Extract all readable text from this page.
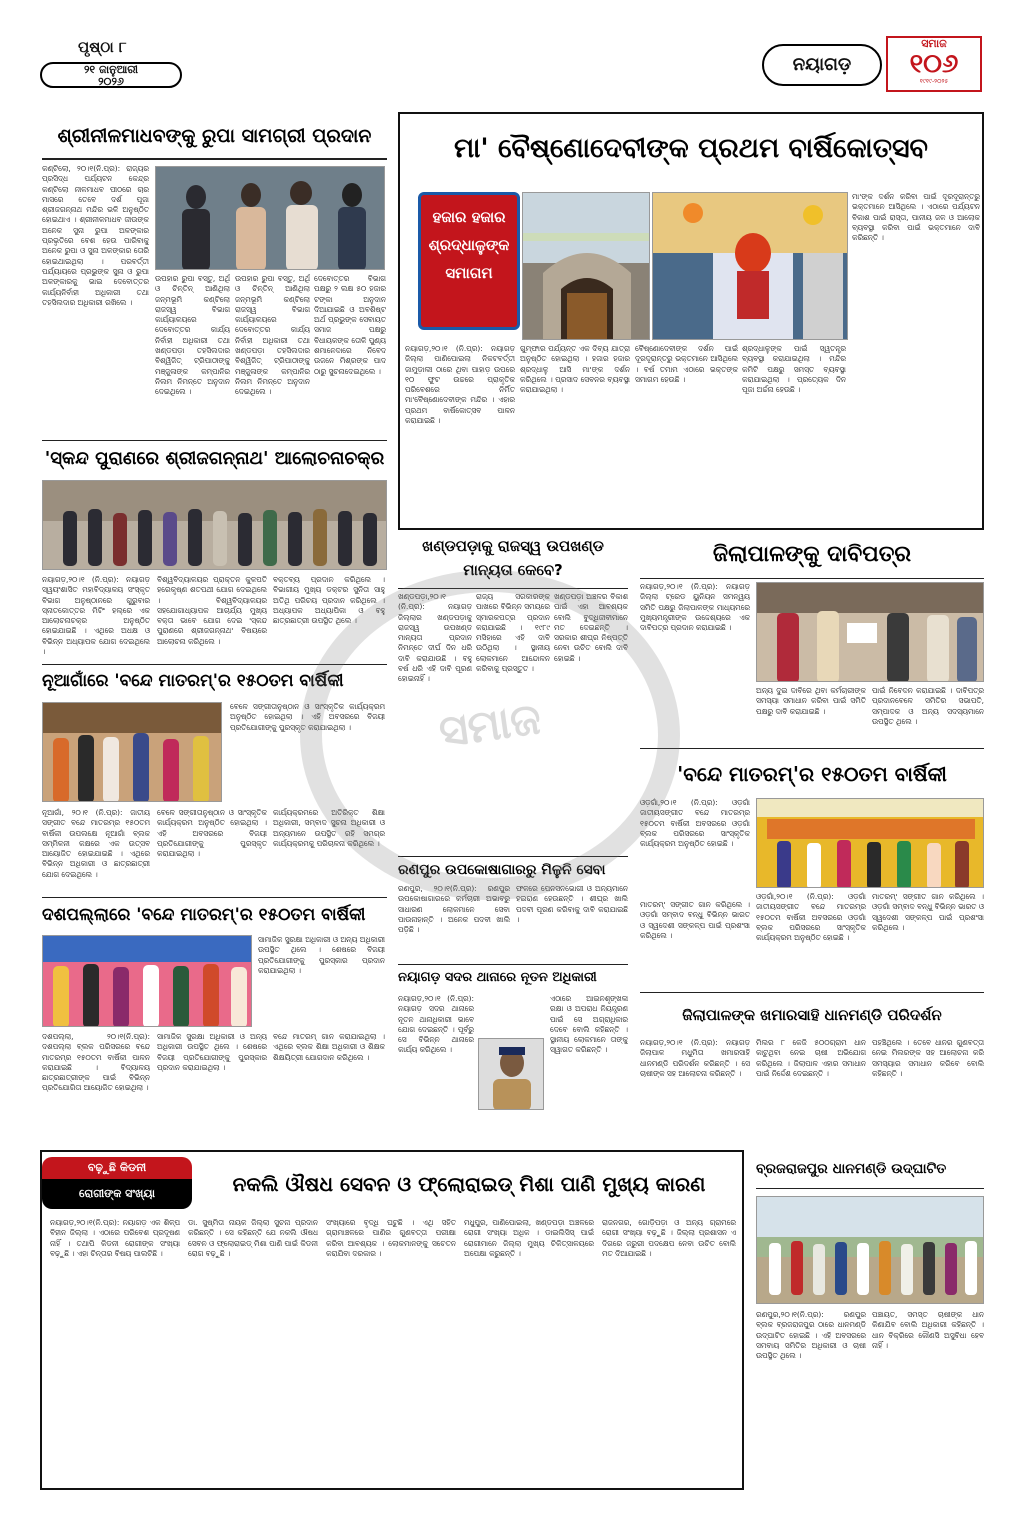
ପୃଷ୍ଠା ୮
୨୧ ଜାନୁଆରୀ
୨୦୨୬
ନୟାଗଡ଼
ସମାଜ
୧୦୬
୧୯୧୯-୨୦୨୫
ଶ୍ରୀନୀଳମାଧବଙ୍କୁ ରୁପା ସାମଗ୍ରୀ ପ୍ରଦାନ
କଣ୍ଟିଲୋ, ୨୦।୧(ନି.ପ୍ର): ରାଜ୍ୟର ପ୍ରସିଦ୍ଧ ପର୍ଯ୍ୟଟନ କେନ୍ଦ୍ର କଣ୍ଟିଲୋ ନୀଳମାଧବ ପୀଠରେ ଚାର ମାସରେ ତେବେ ଦର୍ଶ ପୂଜା ଶ୍ରୀଜଗନ୍ନାଥ ମନ୍ଦିର ଭଳି ଅନୁଷ୍ଠିତ ହୋଇଥାଏ । ଶ୍ରୀନୀଳମାଧବ ଜୀଉଙ୍କ ଅନେକ ସୁନା ରୁପା ଅଳଙ୍କାର ପ୍ରଭୃତିରେ ବେଶ ହେଉ ପାରିବାକୁ ଅନେକ ରୁପା ଓ ସୁନା ଅଳଙ୍କାର ତୋରି ହୋଇଥାଇଥିଲା । ପରବର୍ତ୍ତୀ ପର୍ଯ୍ୟାୟରେ ପ୍ରଭୁଙ୍କ ସୁନା ଓ ରୁପା ଅଳଙ୍କାରକୁ ଭାଇ ଦେବୋତ୍ତର କାର୍ଯ୍ୟନିର୍ବାହୀ ଅଧିକାରୀ ତଥା ତହସିଲଦାର ଅଧିକାରୀ ରଖିଲେ ।
ଉପହାର ରୁପା ବସ୍ତୁ, ଅର୍ଥି ଓ ଚିନ୍ତିନ୍ ଆଣିଥିଲା ଜନ୍ମଭୂମି କଣ୍ଟିଲୋ ରାଜସ୍ୱ ବିଭାଗ କାର୍ଯ୍ୟାଳୟରେ ଦେବୋତ୍ତର କାର୍ଯ୍ୟ ନିର୍ବାହୀ ଅଧିକାରୀ ତଥା ଖଣ୍ଡପଡ଼ା ତହସିଲଦାର ବିଶ୍ୱିଜିତ୍ ଟ୍ରିପାଠୀଙ୍କୁ ମଞ୍ଜୁଳାଙ୍କ କମ୍ପାନିର ନିଲମ ନିମନ୍ତେ ଅନୁଦାନ ଦେଇଥିଲେ ।
ଉପହାର ରୁପା ବସ୍ତୁ, ଅର୍ଥି ଓ ଚିନ୍ତିନ୍ ଆଣିଥିଲା ଜନ୍ମଭୂମି କଣ୍ଟିଲୋ ରାଜସ୍ୱ ବିଭାଗ କାର୍ଯ୍ୟାଳୟରେ ଦେବୋତ୍ତର କାର୍ଯ୍ୟ ନିର୍ବାହୀ ଅଧିକାରୀ ତଥା ଖଣ୍ଡପଡ଼ା ତହସିଲଦାର ବିଶ୍ୱିଜିତ୍ ଟ୍ରିପାଠୀଙ୍କୁ ମଞ୍ଜୁଳାଙ୍କ କମ୍ପାନିର ନିଲମ ନିମନ୍ତେ ଅନୁଦାନ ଦେଇଥିଲେ ।
ଦେବୋତ୍ତର ବିଭାଗ ପକ୍ଷରୁ ୨ ଲକ୍ଷ ୫୦ ହଜାର ଟଙ୍କା ଅନୁଦାନ ଦିଆଯାଇଛି ଓ ଅବଶିଷ୍ଟ ଅର୍ଥ ପ୍ରଭୁଙ୍କ ସେବାୟତ ସମାଜ ପକ୍ଷରୁ ବିଧାୟକଙ୍କ ତୋଳି ପୁଣ୍ୟ ଶମାନେଦାରେ ନିବେଦ ଉଜନେ ମିଶ୍ରଙ୍କ ପାଦ ଠାରୁ ସୁଚନାଦେଇଥିଲେ ।
'ସ୍କନ୍ଦ ପୁରାଣରେ ଶ୍ରୀଜଗନ୍ନାଥ' ଆଲୋଚନାଚକ୍ର
ନୟାଗଡ଼,୨୦।୧ (ନି.ପ୍ର): ନୟାଗଡ଼ ସ୍ୱୟଂଶାସିତ ମହାବିଦ୍ୟାଳୟ ସଂସ୍କୃତ ବିଭାଗ ଅନୁଷ୍ଠାନରେ ଗୁରୁବାର ସ୍ନାତକୋତ୍ତର ମିଟିଂ ହଲ୍‌ରେ ଏକ ଆଲୋଚନାଚକ୍ର ଅନୁଷ୍ଠିତ ହୋଇଯାଇଛି । ଏଥିରେ ଅଧକ୍ଷ ଓ ବିଭିନ୍ନ ଅଧ୍ୟାପକ ଯୋଗ ଦେଇଥିଲେ ।
ବିଶ୍ୱବିଦ୍ୟାଳୟର ପ୍ରାକ୍ତନ କୁଳପତି ହରେକୃଷ୍ଣ ଶତପଥୀ ଯୋଗ ଦେଇଥିଲେ । ବିଶ୍ୱବିଦ୍ୟାଳୟର ସହଯୋଗାଧ୍ୟାପକ ଆଚାର୍ଯ୍ୟ ମୁଖ୍ୟ ବକ୍ତା ଭାବେ ଯୋଗ ଦେଇ 'ସ୍କନ୍ଦ ପୁରାଣରେ ଶ୍ରୀଜଗନ୍ନାଥ' ବିଷୟରେ ଆଲୋଚନା କରିଥିଲେ ।
ବକ୍ତବ୍ୟ ପ୍ରଦାନ କରିଥିଲେ । ବିଭାଗୀୟ ମୁଖ୍ୟ ଡକ୍ଟର ସୁନିତା ସାହୁ ଅତିଥି ପରିଚୟ ପ୍ରଦାନ କରିଥିଲେ । ଅଧ୍ୟାପକ ଅଧ୍ୟାପିକା ଓ ବହୁ ଛାତ୍ରଛାତ୍ରୀ ଉପସ୍ଥିତ ଥିଲେ ।
ନୂଆଗାଁରେ 'ବନ୍ଦେ ମାତରମ୍'ର ୧୫୦ତମ ବାର୍ଷିକୀ
ବେଳେ ସଙ୍ଗୀତାନୁଷ୍ଠାନ ଓ ସାଂସ୍କୃତିକ କାର୍ଯ୍ୟକ୍ରମ ଅନୁଷ୍ଠିତ ହୋଇଥିଲା । ଏହି ଅବସରରେ ବିଜୟୀ ପ୍ରତିଯୋଗୀଙ୍କୁ ପୁରସ୍କୃତ କରାଯାଇଥିଲା ।
ନୂଆଗାଁ, ୨୦।୧ (ନି.ପ୍ର): ଜାତୀୟ ସଙ୍ଗୀତ ବନ୍ଦେ ମାତରମ୍‌ର ୧୫୦ତମ ବାର୍ଷିକୀ ଉପଲକ୍ଷେ ନୂଆଗାଁ ବ୍ଲକ ସମ୍ମିଳନୀ କକ୍ଷରେ ଏକ ଉତ୍ସବ ଆୟୋଜିତ ହୋଇଯାଇଛି । ଏଥିରେ ବିଭିନ୍ନ ଅଧିକାରୀ ଓ ଛାତ୍ରଛାତ୍ରୀ ଯୋଗ ଦେଇଥିଲେ ।
ବେଳେ ସଙ୍ଗୀତାନୁଷ୍ଠାନ ଓ ସାଂସ୍କୃତିକ କାର୍ଯ୍ୟକ୍ରମ ଅନୁଷ୍ଠିତ ହୋଇଥିଲା । ଏହି ଅବସରରେ ବିଜୟୀ ପ୍ରତିଯୋଗୀଙ୍କୁ ପୁରସ୍କୃତ କରାଯାଇଥିଲା ।
କାର୍ଯ୍ୟକ୍ରମରେ ଅତିରିକ୍ତ ଶିକ୍ଷା ଅଧିକାରୀ, ସମ୍ବାଦ ସୁଚନା ଅଧିକାରୀ ଓ ଅନ୍ୟମାନେ ଉପସ୍ଥିତ ରହି ସମଗ୍ର କାର୍ଯ୍ୟକ୍ରମକୁ ପରିଚାଳନା କରିଥିଲେ ।
ଦଶପଲ୍ଲାରେ 'ବନ୍ଦେ ମାତରମ୍'ର ୧୫୦ତମ ବାର୍ଷିକୀ
ସାମାଜିକ ସୁରକ୍ଷା ଅଧିକାରୀ ଓ ଅନ୍ୟ ଅଧିକାରୀ ଉପସ୍ଥିତ ଥିଲେ । ଶେଷରେ ବିଜୟୀ ପ୍ରତିଯୋଗୀଙ୍କୁ ପୁରସ୍କାର ପ୍ରଦାନ କରାଯାଇଥିଲା ।
ଦଶପଲ୍ଲା, ୨୦।୧(ନି.ପ୍ର): ଦଶପଲ୍ଲା ବ୍ଲକ ପରିସରରେ ବନ୍ଦେ ମାତରମ୍‌ର ୧୫୦ତମ ବାର୍ଷିକୀ ପାଳନ କରାଯାଇଛି । ବିଦ୍ୟାଳୟ ଛାତ୍ରଛାତ୍ରୀଙ୍କ ପାଇଁ ବିଭିନ୍ନ ପ୍ରତିଯୋଗିତା ଆୟୋଜିତ ହୋଇଥିଲା ।
ସାମାଜିକ ସୁରକ୍ଷା ଅଧିକାରୀ ଓ ଅନ୍ୟ ଅଧିକାରୀ ଉପସ୍ଥିତ ଥିଲେ । ଶେଷରେ ବିଜୟୀ ପ୍ରତିଯୋଗୀଙ୍କୁ ପୁରସ୍କାର ପ୍ରଦାନ କରାଯାଇଥିଲା ।
ବନ୍ଦେ ମାତରମ୍ ଗାନ କରାଯାଇଥିଲା । ଏଥିରେ ବ୍ଲକ ଶିକ୍ଷା ଅଧିକାରୀ ଓ ଶିକ୍ଷକ ଶିକ୍ଷୟିତ୍ରୀ ଯୋଗଦାନ କରିଥିଲେ ।
ମା' ବୈଷ୍ଣୋଦେବୀଙ୍କ ପ୍ରଥମ ବାର୍ଷିକୋତ୍ସବ
ହଜାର ହଜାର ଶ୍ରଦ୍ଧାଳୁଙ୍କ ସମାଗମ
ମା'ଙ୍କ ଦର୍ଶନ କରିବା ପାଇଁ ଦୂରଦୂରାନ୍ତରୁ ଭକ୍ତମାନେ ଆସିଥିଲେ । ଏଠାରେ ପର୍ଯ୍ୟଟନ ବିକାଶ ପାଇଁ ରାସ୍ତା, ପାନୀୟ ଜଳ ଓ ଆଲୋକ ବ୍ୟବସ୍ଥା କରିବା ପାଇଁ ଭକ୍ତମାନେ ଦାବି କରିଛନ୍ତି ।
ନୟାଗଡ଼,୨୦।୧ (ନି.ପ୍ର): ନୟାଗଡ଼ ଜିଲ୍ଲା ପାଣିପୋଇଲା ନିକଟବର୍ତ୍ତୀ ଜାମୁଡ଼ାଲୀ ଠାରେ ଥିବା ପାହାଡ଼ ଉପରେ ୧୦ ଫୁଟ ଉଚ୍ଚରେ ପ୍ରାକୃତିକ ପରିବେଶରେ ନିର୍ମିତ ମା'ବୈଷ୍ଣୋଦେବୀଙ୍କ ମନ୍ଦିର । ଏହାର ପ୍ରଥମ ବାର୍ଷିକୋତ୍ସବ ପାଳନ କରାଯାଇଛି ।
ଗୁମ୍ଫାର ପର୍ଯ୍ୟନ୍ତ ଏକ ଦିବ୍ୟ ଯାତ୍ରା ଅନୁଷ୍ଠିତ ହୋଇଥିଲା । ହଜାର ହଜାର ଶ୍ରଦ୍ଧାଳୁ ଆସି ମା'ଙ୍କ ଦର୍ଶନ କରିଥିଲେ । ପ୍ରସାଦ ସେବନର ବ୍ୟବସ୍ଥା କରାଯାଇଥିଲା ।
ବୈଷ୍ଣୋଦେବୀଙ୍କ ଦର୍ଶନ ପାଇଁ ଦୂରଦୂରାନ୍ତରୁ ଭକ୍ତମାନେ ଆସିଥିଲେ । ବର୍ଷ ତମାମ ଏଠାରେ ଭକ୍ତଙ୍କ ସମାଗମ ହେଉଛି ।
ଶ୍ରଦ୍ଧାଳୁଙ୍କ ପାଇଁ ସ୍ୱତନ୍ତ୍ର ବ୍ୟବସ୍ଥା କରାଯାଇଥିଲା । ମନ୍ଦିର କମିଟି ପକ୍ଷରୁ ସମସ୍ତ ବ୍ୟବସ୍ଥା କରାଯାଇଥିଲା । ପ୍ରତ୍ୟେକ ଦିନ ପୂଜା ଅର୍ଚ୍ଚନା ହେଉଛି ।
ଖଣ୍ଡପଡ଼ାକୁ ରାଜସ୍ୱ ଉପଖଣ୍ଡ ମାନ୍ୟତା କେବେ?
ଖଣ୍ଡପଡ଼ା,୨୦।୧ (ନି.ପ୍ର): ନୟାଗଡ଼ ଜିଲ୍ଲାର ଖଣ୍ଡପଡ଼ାକୁ ରାଜସ୍ୱ ଉପଖଣ୍ଡ ମାନ୍ୟତା ପ୍ରଦାନ ନିମନ୍ତେ ଦୀର୍ଘ ଦିନ ଧରି ଦାବି କରାଯାଉଛି । ବହୁ ବର୍ଷ ଧରି ଏହି ଦାବି ପୂରଣ ହୋଇନାହିଁ ।
ରାଜ୍ୟ ସରକାରଙ୍କ ପାଖରେ ବିଭିନ୍ନ ସମୟରେ ସ୍ମାରକପତ୍ର ପ୍ରଦାନ କରାଯାଇଛି । ୧୯୮୯ ମସିହାରେ ଏହି ଦାବି ଉଠିଥିଲା । ସ୍ଥାନୀୟ ଲୋକମାନେ ଆନ୍ଦୋଳନ କରିବାକୁ ପ୍ରସ୍ତୁତ ।
ଖଣ୍ଡପଡ଼ା ଅଞ୍ଚଳର ବିକାଶ ପାଇଁ ଏହା ଆବଶ୍ୟକ ବୋଲି ବୁଦ୍ଧିଜୀବୀମାନେ ମତ ଦେଇଛନ୍ତି । ସରକାର ଶୀଘ୍ର ନିଷ୍ପତ୍ତି ନେବା ଉଚିତ ବୋଲି ଦାବି ହୋଇଛି ।
ରଣପୁର ଉପକୋଷାଗାରରୁ ମିଳୁନି ସେବା
ରଣପୁର, ୨୦।୧(ନି.ପ୍ର): ରଣପୁର ଉପକୋଷାଗାରରେ କର୍ମଚାରୀ ଅଭାବରୁ ସାଧାରଣ ଲୋକମାନେ ସେବା ପାଉନାହାନ୍ତି । ଅନେକ ପଦବୀ ଖାଲି ପଡ଼ିଛି ।
ଫଳରେ ପେନସନଭୋଗୀ ଓ ଅନ୍ୟମାନେ ହଇରାଣ ହେଉଛନ୍ତି । ଶୀଘ୍ର ଖାଲି ପଦବୀ ପୂରଣ କରିବାକୁ ଦାବି କରାଯାଇଛି ।
ନୟାଗଡ଼ ସଦର ଥାନାରେ ନୂତନ ଅଧିକାରୀ
ନୟାଗଡ଼,୨୦।୧ (ନି.ପ୍ର): ନୟାଗଡ଼ ସଦର ଥାନାରେ ନୂତନ ଥାନାଧିକାରୀ ଭାବେ ଯୋଗ ଦେଇଛନ୍ତି । ପୂର୍ବରୁ ସେ ବିଭିନ୍ନ ଥାନାରେ କାର୍ଯ୍ୟ କରିଥିଲେ ।
ଏଠାରେ ଆଇନଶୃଙ୍ଖଳା ରକ୍ଷା ଓ ଅପରାଧ ନିୟନ୍ତ୍ରଣ ପାଇଁ ସେ ଅଗ୍ରାଧିକାର ଦେବେ ବୋଲି କହିଛନ୍ତି । ସ୍ଥାନୀୟ ଲୋକମାନେ ତାଙ୍କୁ ସ୍ୱାଗତ କରିଛନ୍ତି ।
ଜିଲାପାଳଙ୍କୁ ଦାବିପତ୍ର
ନୟାଗଡ଼,୨୦।୧ (ନି.ପ୍ର): ନୟାଗଡ଼ ଜିଲ୍ଲା ଟ୍ରେଡ ୟୁନିୟନ ସମନ୍ୱୟ ସମିତି ପକ୍ଷରୁ ଜିଲାପାଳଙ୍କ ମାଧ୍ୟମରେ ମୁଖ୍ୟମନ୍ତ୍ରୀଙ୍କ ଉଦ୍ଦେଶ୍ୟରେ ଏକ ଦାବିପତ୍ର ପ୍ରଦାନ କରାଯାଇଛି ।
ଅନ୍ୟ ଦୁଇ ଦାବିରେ ଥିବା କର୍ମଚାରୀଙ୍କ ସମସ୍ୟା ସମାଧାନ କରିବା ପାଇଁ ସମିତି ପକ୍ଷରୁ ଦାବି କରାଯାଇଛି ।
ପାଇଁ ନିବେଦନ କରାଯାଇଛି । ଦାବିପତ୍ର ପ୍ରଦାନବେଳେ ସମିତିର ସଭାପତି, ସମ୍ପାଦକ ଓ ଅନ୍ୟ ସଦସ୍ୟମାନେ ଉପସ୍ଥିତ ଥିଲେ ।
'ବନ୍ଦେ ମାତରମ୍'ର ୧୫୦ତମ ବାର୍ଷିକୀ
ଓଡ଼ଗାଁ,୨୦।୧ (ନି.ପ୍ର): ଓଡ଼ଗାଁ ଜାତୀୟସଙ୍ଗୀତ ବନ୍ଦେ ମାତରମ୍‌ର ୧୫୦ତମ ବାର୍ଷିକୀ ଅବସରରେ ଓଡ଼ଗାଁ ବ୍ଲକ ପରିସରରେ ସାଂସ୍କୃତିକ କାର୍ଯ୍ୟକ୍ରମ ଅନୁଷ୍ଠିତ ହୋଇଛି ।
ମାତରମ୍' ସଙ୍ଗୀତ ଗାନ କରିଥିଲେ । ଓଡ଼ଗାଁ ସମ୍ବାଦ ବନ୍ଧୁ ବିଭିନ୍ନ ଭାରତ ଓ ସ୍ୱଦେଶୀ ସଙ୍କଳ୍ପ ପାଇଁ ପ୍ରଶଂସା କରିଥିଲେ ।
ଓଡ଼ଗାଁ,୨୦।୧ (ନି.ପ୍ର): ଓଡ଼ଗାଁ ଜାତୀୟସଙ୍ଗୀତ ବନ୍ଦେ ମାତରମ୍‌ର ୧୫୦ତମ ବାର୍ଷିକୀ ଅବସରରେ ଓଡ଼ଗାଁ ବ୍ଲକ ପରିସରରେ ସାଂସ୍କୃତିକ କାର୍ଯ୍ୟକ୍ରମ ଅନୁଷ୍ଠିତ ହୋଇଛି ।
ମାତରମ୍' ସଙ୍ଗୀତ ଗାନ କରିଥିଲେ । ଓଡ଼ଗାଁ ସମ୍ବାଦ ବନ୍ଧୁ ବିଭିନ୍ନ ଭାରତ ଓ ସ୍ୱଦେଶୀ ସଙ୍କଳ୍ପ ପାଇଁ ପ୍ରଶଂସା କରିଥିଲେ ।
ଜିଲାପାଳଙ୍କ ଖମାରସାହି ଧାନମଣ୍ଡି ପରିଦର୍ଶନ
ନୟାଗଡ଼,୨୦।୧ (ନି.ପ୍ର): ନୟାଗଡ଼ ଜିଲାପାଳ ମଧୁମିତା ଖମାରସାହି ଧାନମଣ୍ଡି ପରିଦର୍ଶନ କରିଛନ୍ତି । ସେ ଚାଷୀଙ୍କ ସହ ଆଲୋଚନା କରିଛନ୍ତି ।
ମିଲର ୮ କେଜି ୫୦୦ଗ୍ରାମ ଧାନ କାଟୁଥିବା ନେଇ ଚାଷୀ ଅଭିଯୋଗ କରିଥିଲେ । ଜିଲାପାଳ ଏହାର ସମାଧାନ ପାଇଁ ନିର୍ଦ୍ଦେଶ ଦେଇଛନ୍ତି ।
ପହଞ୍ଚିଥିଲେ । ତେବେ ଧାନର ଗୁଣବତ୍ତା ନେଇ ମିଲରଙ୍କ ସହ ଆଲୋଚନା କରି ସମସ୍ୟାର ସମାଧାନ କରିବେ ବୋଲି କହିଛନ୍ତି ।
ବଢ଼ୁଛି କିଡନୀ
ରୋଗୀଙ୍କ ସଂଖ୍ୟା	ନକଲି ଔଷଧ ସେବନ ଓ ଫ୍ଲୋରାଇଡ୍ ମିଶା ପାଣି ମୁଖ୍ୟ କାରଣ
ନୟାଗଡ଼,୨୦।୧(ନି.ପ୍ର): ନୟାଗଡ଼ ଏକ ଶିଳ୍ପ ବିହୀନ ଜିଲ୍ଲା । ଏଠାରେ ପରିବେଶ ପ୍ରଦୂଷଣ ନାହିଁ । ତଥାପି କିଡନୀ ରୋଗୀଙ୍କ ସଂଖ୍ୟା ବଢ଼ୁଛି । ଏହା ଚିନ୍ତାର ବିଷୟ ପାଲଟିଛି ।
ଡା. ସୁଷ୍ମିତା ନାୟକ ଜିଲ୍ଲା ସୁଚନା ପ୍ରଦାନ କରିଛନ୍ତି । ସେ କହିଛନ୍ତି ଯେ ନକଲି ଔଷଧ ସେବନ ଓ ଫ୍ଲୋରାଇଡ୍ ମିଶା ପାଣି ପାଇଁ କିଡନୀ ରୋଗ ବଢ଼ୁଛି ।
ସଂଖ୍ୟାରେ ବୃଦ୍ଧି ଘଟୁଛି । ଏଥି ସହିତ ଗ୍ରାମାଞ୍ଚଳରେ ପାଣିର ଗୁଣବତ୍ତା ପରୀକ୍ଷା କରିବା ଆବଶ୍ୟକ । ଲୋକମାନଙ୍କୁ ସଚେତନ କରାଯିବା ଦରକାର ।
ମଧୁପୁର, ପାଣିପୋଇଲା, ଖଣ୍ଡପଡ଼ା ଅଞ୍ଚଳରେ ରୋଗୀ ସଂଖ୍ୟା ଅଧିକ । ଡାଇଲିସିସ୍ ପାଇଁ ରୋଗୀମାନେ ଜିଲ୍ଲା ମୁଖ୍ୟ ଚିକିତ୍ସାଳୟରେ ଅପେକ୍ଷା କରୁଛନ୍ତି ।
ରାଜନଗର, ଗୋଡ଼ିପଡ଼ା ଓ ଅନ୍ୟ ଗ୍ରାମରେ ରୋଗୀ ସଂଖ୍ୟା ବଢ଼ୁଛି । ଜିଲ୍ଲା ପ୍ରଶାସନ ଏ ଦିଗରେ ଜରୁରୀ ପଦକ୍ଷେପ ନେବା ଉଚିତ ବୋଲି ମତ ଦିଆଯାଇଛି ।
ବ୍ରଜରାଜପୁର ଧାନମଣ୍ଡି ଉଦ୍‌ଘାଟିତ
ରଣପୁର,୨୦।୧(ନି.ପ୍ର): ରଣପୁର ବ୍ଲକ ବ୍ରଜରାଜପୁର ଠାରେ ଧାନମଣ୍ଡି ଉଦ୍‌ଘାଟିତ ହୋଇଛି । ଏହି ଅବସରରେ ସମବାୟ ସମିତିର ଅଧିକାରୀ ଓ ଚାଷୀ ଉପସ୍ଥିତ ଥିଲେ ।
ପଞ୍ଚାୟତ, ସମସ୍ତ ଚାଷୀଙ୍କ ଧାନ କିଣାଯିବ ବୋଲି ଅଧିକାରୀ କହିଛନ୍ତି । ଧାନ ବିକ୍ରିରେ କୌଣସି ଅସୁବିଧା ହେବ ନାହିଁ ।
ସମାଜ
